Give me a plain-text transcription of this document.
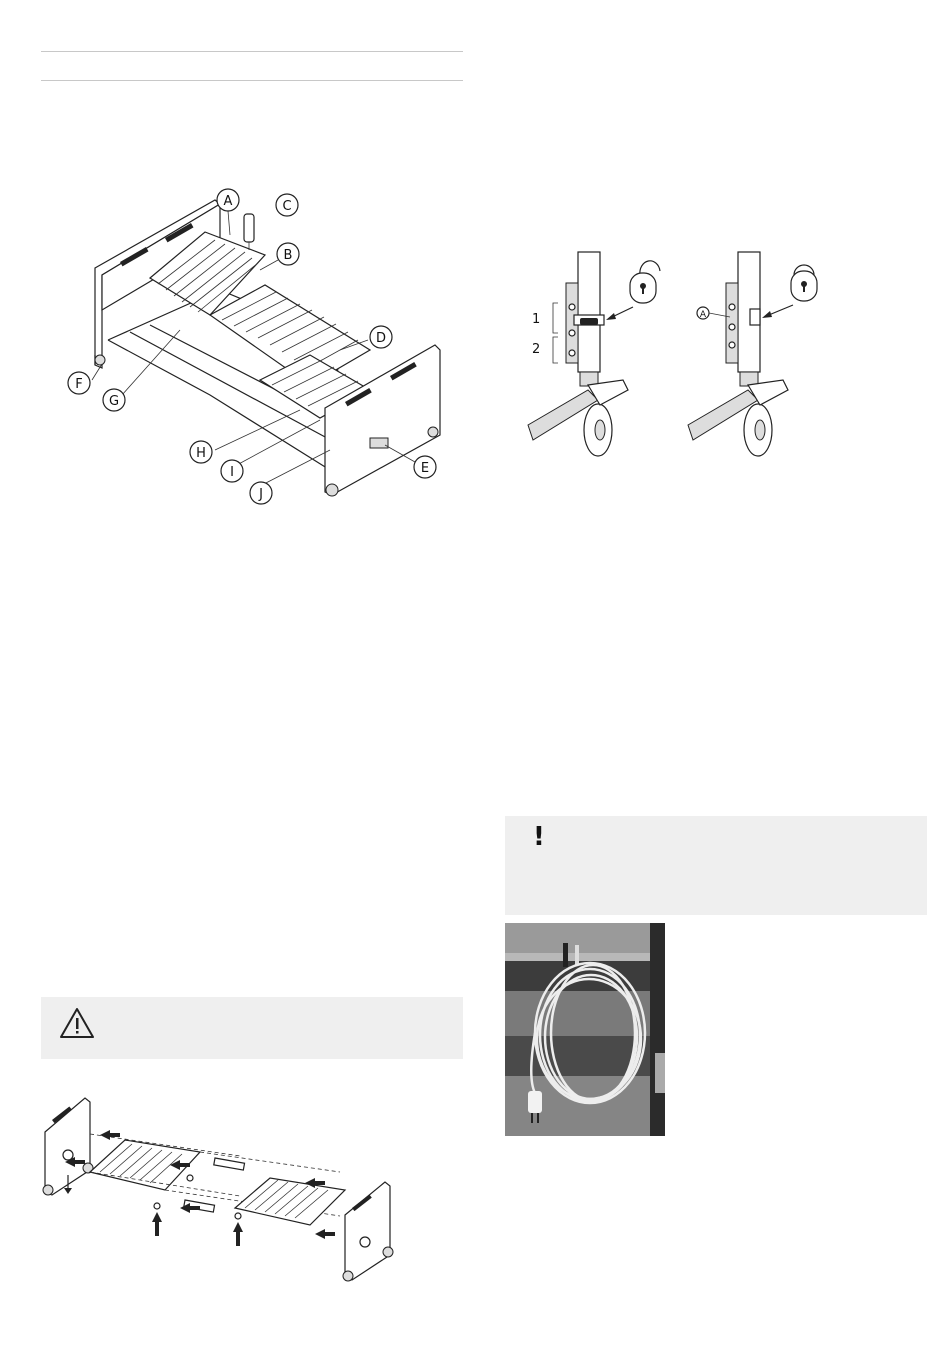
A	C
B
D
F
G
H
I	E
J
1
2
A
!
